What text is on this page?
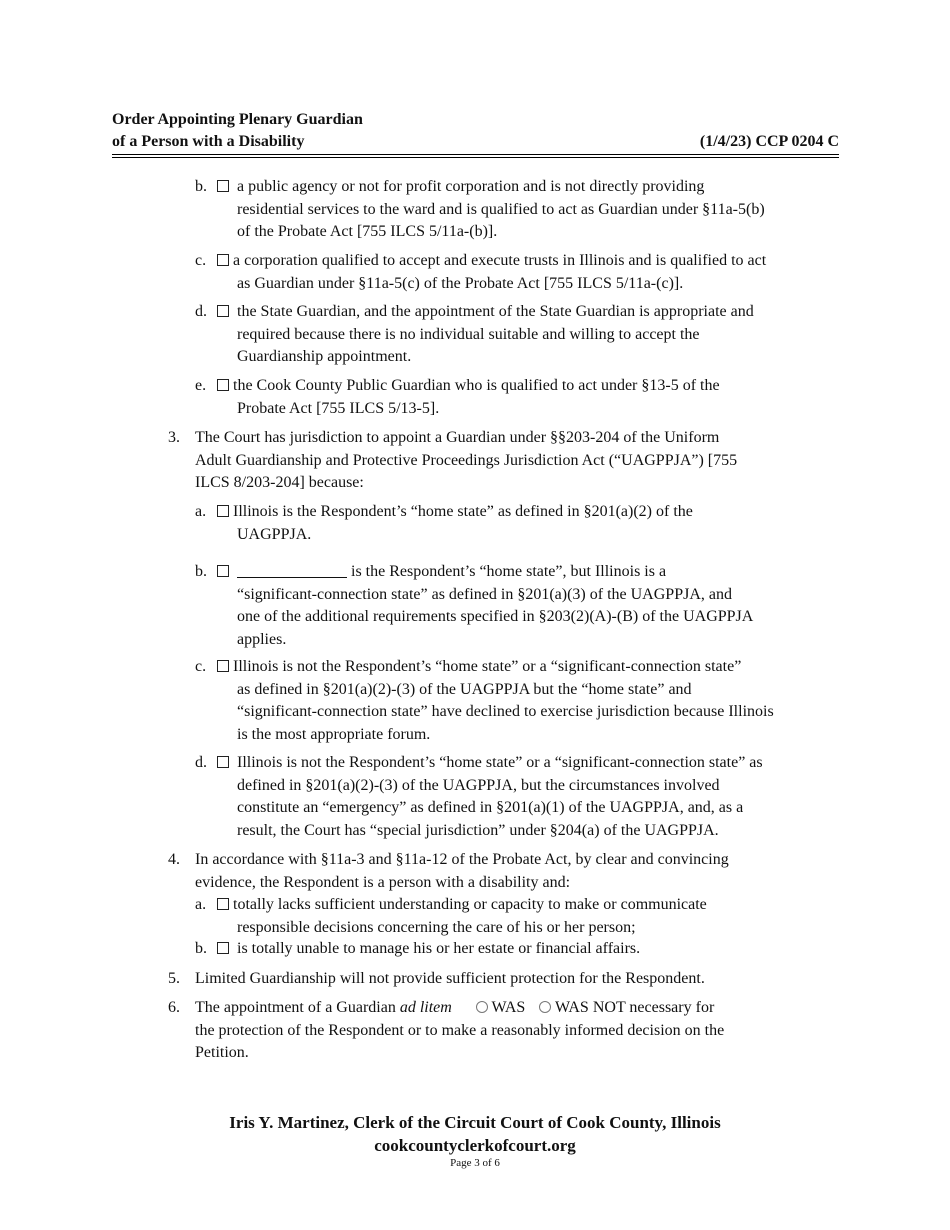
Order Appointing Plenary Guardian
of a Person with a Disability	(1/4/23) CCP 0204 C
b.	a public agency or not for profit corporation and is not directly providing
residential services to the ward and is qualified to act as Guardian under §11a-5(b)
of the Probate Act [755 ILCS 5/11a-(b)].
c.	a corporation qualified to accept and execute trusts in Illinois and is qualified to act
as Guardian under §11a-5(c) of the Probate Act [755 ILCS 5/11a-(c)].
d.	the State Guardian, and the appointment of the State Guardian is appropriate and
required because there is no individual suitable and willing to accept the
Guardianship appointment.
e.	the Cook County Public Guardian who is qualified to act under §13-5 of the
Probate Act [755 ILCS 5/13-5].
3. The Court has jurisdiction to appoint a Guardian under §§203-204 of the Uniform
Adult Guardianship and Protective Proceedings Jurisdiction Act (“UAGPPJA”) [755
ILCS 8/203-204] because:
a.	Illinois is the Respondent’s “home state” as defined in §201(a)(2) of the
UAGPPJA.
b.	is the Respondent’s “home state”, but Illinois is a
“significant-connection state” as defined in §201(a)(3) of the UAGPPJA, and
one of the additional requirements specified in §203(2)(A)-(B) of the UAGPPJA
applies.
c.	Illinois is not the Respondent’s “home state” or a “significant-connection state”
as defined in §201(a)(2)-(3) of the UAGPPJA but the “home state” and
“significant-connection state” have declined to exercise jurisdiction because Illinois
is the most appropriate forum.
d.	Illinois is not the Respondent’s “home state” or a “significant-connection state” as
defined in §201(a)(2)-(3) of the UAGPPJA, but the circumstances involved
constitute an “emergency” as defined in §201(a)(1) of the UAGPPJA, and, as a
result, the Court has “special jurisdiction” under §204(a) of the UAGPPJA.
4. In accordance with §11a-3 and §11a-12 of the Probate Act, by clear and convincing
evidence, the Respondent is a person with a disability and:
a.	totally lacks sufficient understanding or capacity to make or communicate
responsible decisions concerning the care of his or her person;
b.	is totally unable to manage his or her estate or financial affairs.
5. Limited Guardianship will not provide sufficient protection for the Respondent.
6. The appointment of a Guardian ad litem WAS WAS NOT necessary for
the protection of the Respondent or to make a reasonably informed decision on the
Petition.
Iris Y. Martinez, Clerk of the Circuit Court of Cook County, Illinois
cookcountyclerkofcourt.org
Page 3 of 6
